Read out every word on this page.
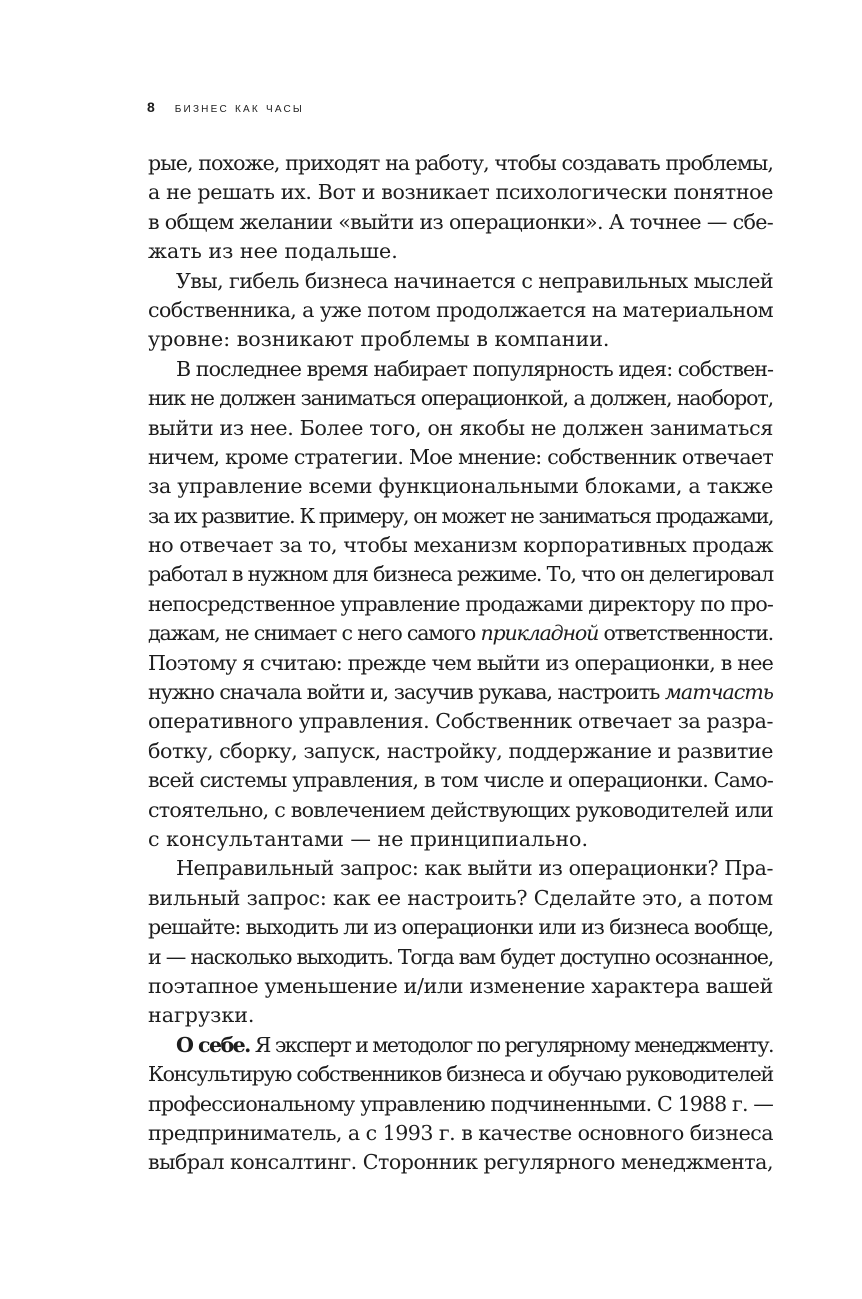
8 бизнес как часы
рые, похоже, приходят на работу, чтобы создавать проблемы,
а не решать их. Вот и возникает психологически понятное
в общем желании «выйти из операционки». А точнее — сбе-
жать из нее подальше.
Увы, гибель бизнеса начинается с неправильных мыслей
собственника, а уже потом продолжается на материальном
уровне: возникают проблемы в компании.
В последнее время набирает популярность идея: собствен-
ник не должен заниматься операционкой, а должен, наоборот,
выйти из нее. Более того, он якобы не должен заниматься
ничем, кроме стратегии. Мое мнение: собственник отвечает
за управление всеми функциональными блоками, а также
за их развитие. К примеру, он может не заниматься продажами,
но отвечает за то, чтобы механизм корпоративных продаж
работал в нужном для бизнеса режиме. То, что он делегировал
непосредственное управление продажами директору по про-
дажам, не снимает с него самого прикладной ответственности.
Поэтому я считаю: прежде чем выйти из операционки, в нее
нужно сначала войти и, засучив рукава, настроить матчасть
оперативного управления. Собственник отвечает за разра-
ботку, сборку, запуск, настройку, поддержание и развитие
всей системы управления, в том числе и операционки. Само-
стоятельно, с вовлечением действующих руководителей или
с консультантами — не принципиально.
Неправильный запрос: как выйти из операционки? Пра-
вильный запрос: как ее настроить? Сделайте это, а потом
решайте: выходить ли из операционки или из бизнеса вообще,
и — насколько выходить. Тогда вам будет доступно осознанное,
поэтапное уменьшение и/или изменение характера вашей
нагрузки.
О себе. Я эксперт и методолог по регулярному менеджменту.
Консультирую собственников бизнеса и обучаю руководителей
профессиональному управлению подчиненными. С 1988 г. —
предприниматель, а с 1993 г. в качестве основного бизнеса
выбрал консалтинг. Сторонник регулярного менеджмента,
